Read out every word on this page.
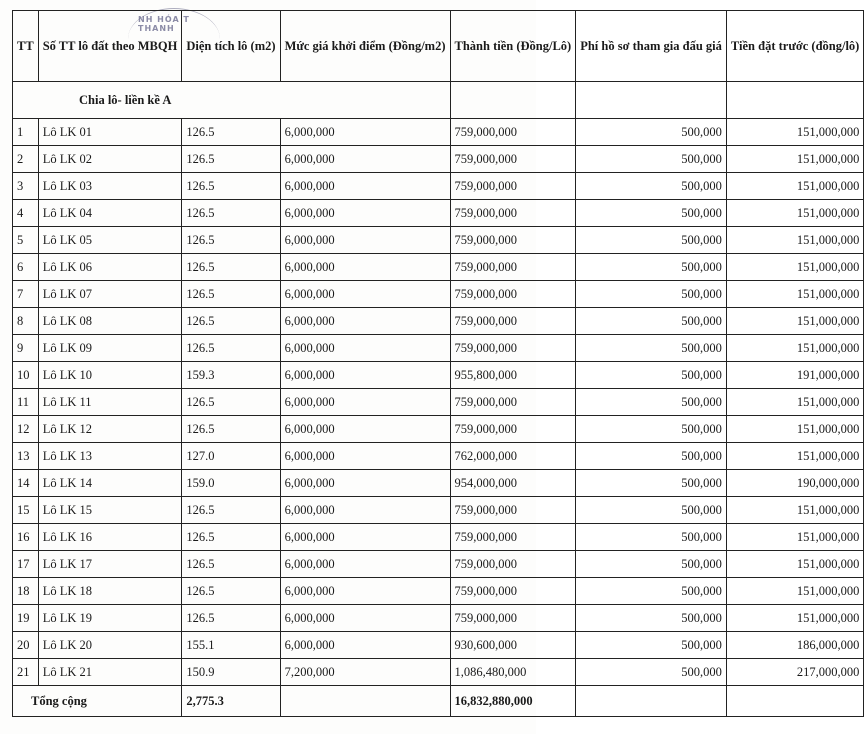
NH HÓA T THANH
TT	Số TT lô đất theo MBQH	Diện tích lô (m2)	Mức giá khởi điểm (Đồng/m2)	Thành tiền (Đồng/Lô)	Phí hồ sơ tham gia đấu giá	Tiền đặt trước (đồng/lô)
Chia lô- liền kề A						
1	Lô LK 01	126.5	6,000,000	759,000,000	500,000	151,000,000
2	Lô LK 02	126.5	6,000,000	759,000,000	500,000	151,000,000
3	Lô LK 03	126.5	6,000,000	759,000,000	500,000	151,000,000
4	Lô LK 04	126.5	6,000,000	759,000,000	500,000	151,000,000
5	Lô LK 05	126.5	6,000,000	759,000,000	500,000	151,000,000
6	Lô LK 06	126.5	6,000,000	759,000,000	500,000	151,000,000
7	Lô LK 07	126.5	6,000,000	759,000,000	500,000	151,000,000
8	Lô LK 08	126.5	6,000,000	759,000,000	500,000	151,000,000
9	Lô LK 09	126.5	6,000,000	759,000,000	500,000	151,000,000
10	Lô LK 10	159.3	6,000,000	955,800,000	500,000	191,000,000
11	Lô LK 11	126.5	6,000,000	759,000,000	500,000	151,000,000
12	Lô LK 12	126.5	6,000,000	759,000,000	500,000	151,000,000
13	Lô LK 13	127.0	6,000,000	762,000,000	500,000	151,000,000
14	Lô LK 14	159.0	6,000,000	954,000,000	500,000	190,000,000
15	Lô LK 15	126.5	6,000,000	759,000,000	500,000	151,000,000
16	Lô LK 16	126.5	6,000,000	759,000,000	500,000	151,000,000
17	Lô LK 17	126.5	6,000,000	759,000,000	500,000	151,000,000
18	Lô LK 18	126.5	6,000,000	759,000,000	500,000	151,000,000
19	Lô LK 19	126.5	6,000,000	759,000,000	500,000	151,000,000
20	Lô LK 20	155.1	6,000,000	930,600,000	500,000	186,000,000
21	Lô LK 21	150.9	7,200,000	1,086,480,000	500,000	217,000,000
Tổng cộng		2,775.3		16,832,880,000		
